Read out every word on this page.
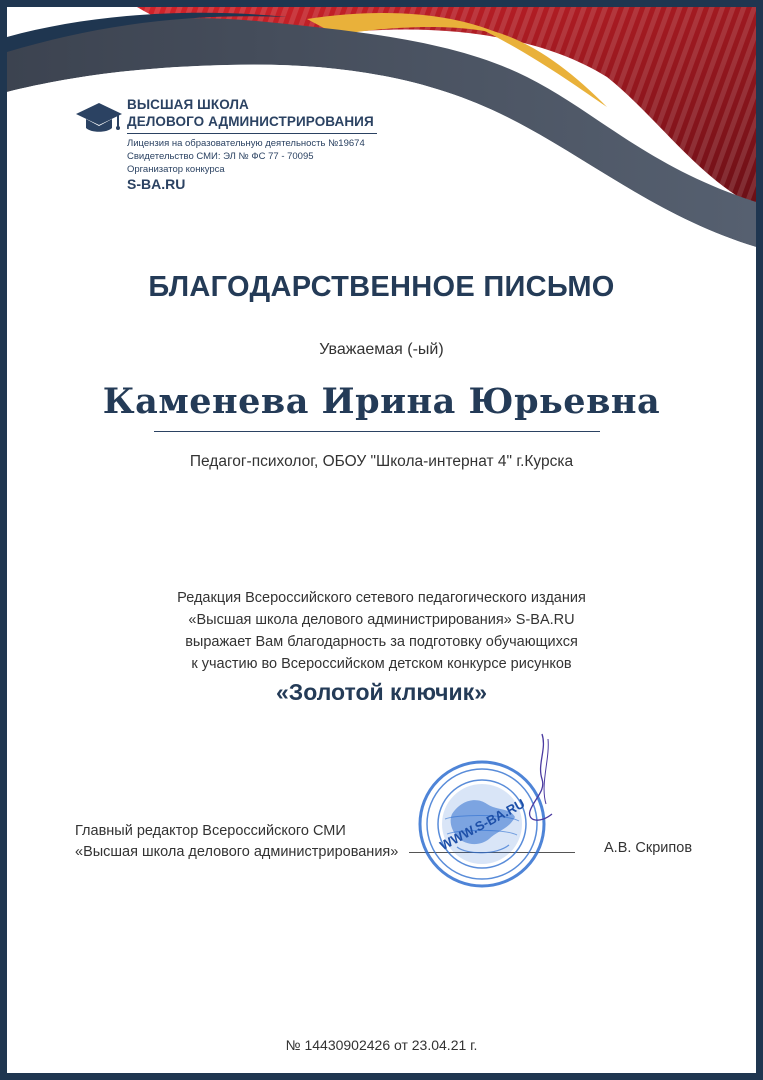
ВЫСШАЯ ШКОЛА
ДЕЛОВОГО АДМИНИСТРИРОВАНИЯ
Лицензия на образовательную деятельность №19674
Свидетельство СМИ: ЭЛ № ФС 77 - 70095
Организатор конкурса
S-BA.RU
БЛАГОДАРСТВЕННОЕ ПИСЬМО
Уважаемая (-ый)
Каменева Ирина Юрьевна
Педагог-психолог, ОБОУ "Школа-интернат 4" г.Курска
Редакция Всероссийского сетевого педагогического издания
«Высшая школа делового администрирования» S-BA.RU
выражает Вам благодарность за подготовку обучающихся
к участию во Всероссийском детском конкурсе рисунков
«Золотой ключик»
Главный редактор Всероссийского СМИ
«Высшая школа делового администрирования»	WWW.S-BA.RU	А.В. Скрипов
№ 14430902426 от 23.04.21 г.
